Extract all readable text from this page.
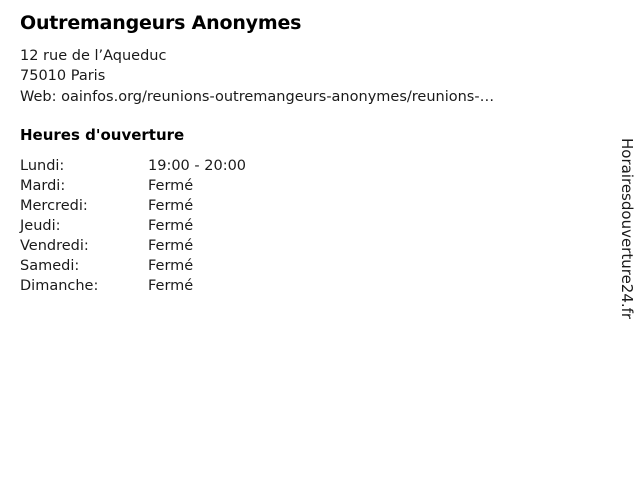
Outremangeurs Anonymes
12 rue de l’Aqueduc
75010 Paris
Web: oainfos.org/reunions-outremangeurs-anonymes/reunions-…
Heures d'ouverture
Lundi:	19:00 - 20:00
Mardi:	Fermé
Mercredi:	Fermé
Jeudi:	Fermé
Vendredi:	Fermé
Samedi:	Fermé
Dimanche:	Fermé	Horairesdouverture24.fr
